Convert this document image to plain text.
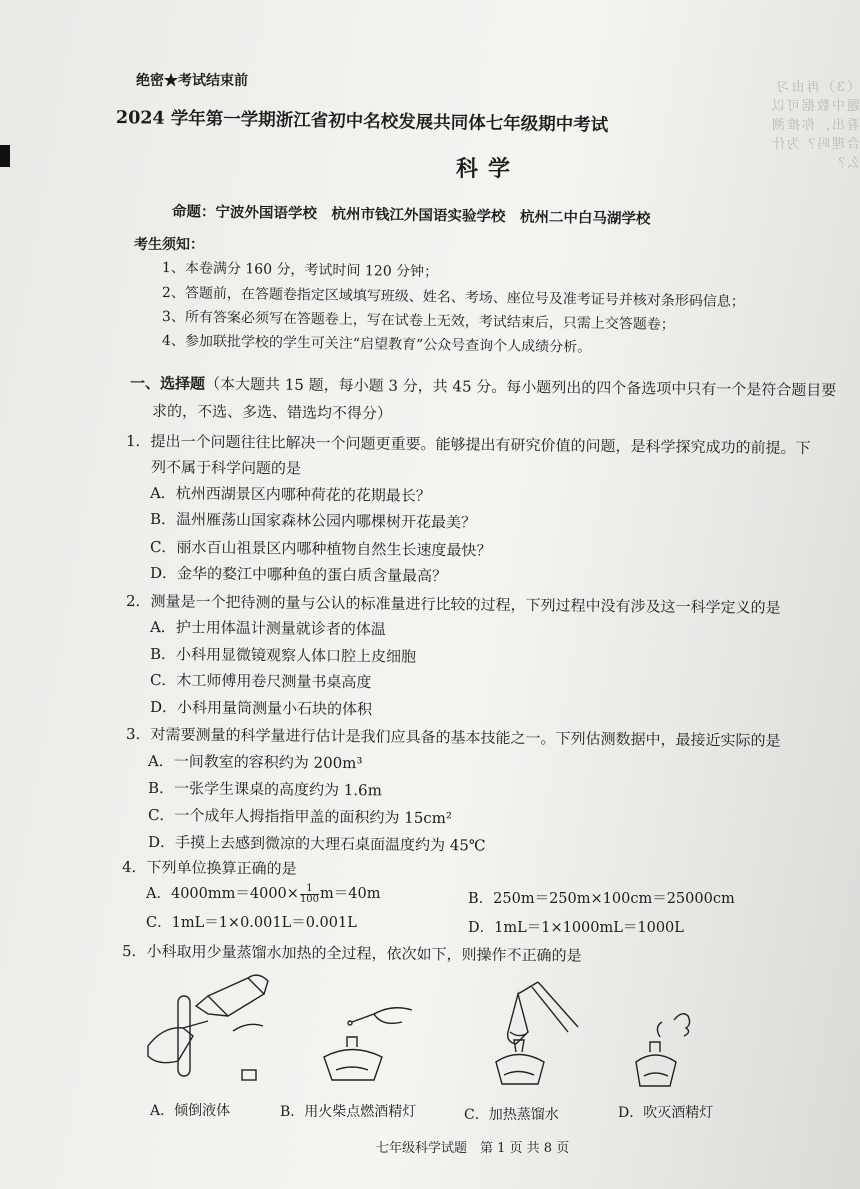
（3）再由习题中数据可以看出，你推测合理吗？为什么？
绝密★考试结束前
2024 学年第一学期浙江省初中名校发展共同体七年级期中考试
科学
命题：宁波外国语学校　杭州市钱江外国语实验学校　杭州二中白马湖学校
考生须知：
1、本卷满分 160 分，考试时间 120 分钟；
2、答题前，在答题卷指定区域填写班级、姓名、考场、座位号及准考证号并核对条形码信息；
3、所有答案必须写在答题卷上，写在试卷上无效，考试结束后，只需上交答题卷；
4、参加联批学校的学生可关注“启望教育”公众号查询个人成绩分析。
一、选择题（本大题共 15 题，每小题 3 分，共 45 分。每小题列出的四个备选项中只有一个是符合题目要
求的，不选、多选、错选均不得分）
1．提出一个问题往往比解决一个问题更重要。能够提出有研究价值的问题，是科学探究成功的前提。下
列不属于科学问题的是
A．杭州西湖景区内哪种荷花的花期最长？
B．温州雁荡山国家森林公园内哪棵树开花最美？
C．丽水百山祖景区内哪种植物自然生长速度最快？
D．金华的婺江中哪种鱼的蛋白质含量最高？
2．测量是一个把待测的量与公认的标准量进行比较的过程，下列过程中没有涉及这一科学定义的是
A．护士用体温计测量就诊者的体温
B．小科用显微镜观察人体口腔上皮细胞
C．木工师傅用卷尺测量书桌高度
D．小科用量筒测量小石块的体积
3．对需要测量的科学量进行估计是我们应具备的基本技能之一。下列估测数据中，最接近实际的是
A．一间教室的容积约为 200m³
B．一张学生课桌的高度约为 1.6m
C．一个成年人拇指指甲盖的面积约为 15cm²
D．手摸上去感到微凉的大理石桌面温度约为 45℃
4．下列单位换算正确的是
A．$4000mm=4000\times \frac{1}{100} m=40m$	B．250m＝250m×100cm＝25000cm
C．1mL＝1×0.001L＝0.001L	D．1mL＝1×1000mL＝1000L
5．小科取用少量蒸馏水加热的全过程，依次如下，则操作不正确的是
A．倾倒液体	B．用火柴点燃酒精灯	C．加热蒸馏水	D．吹灭酒精灯
七年级科学试题　第 1 页 共 8 页
